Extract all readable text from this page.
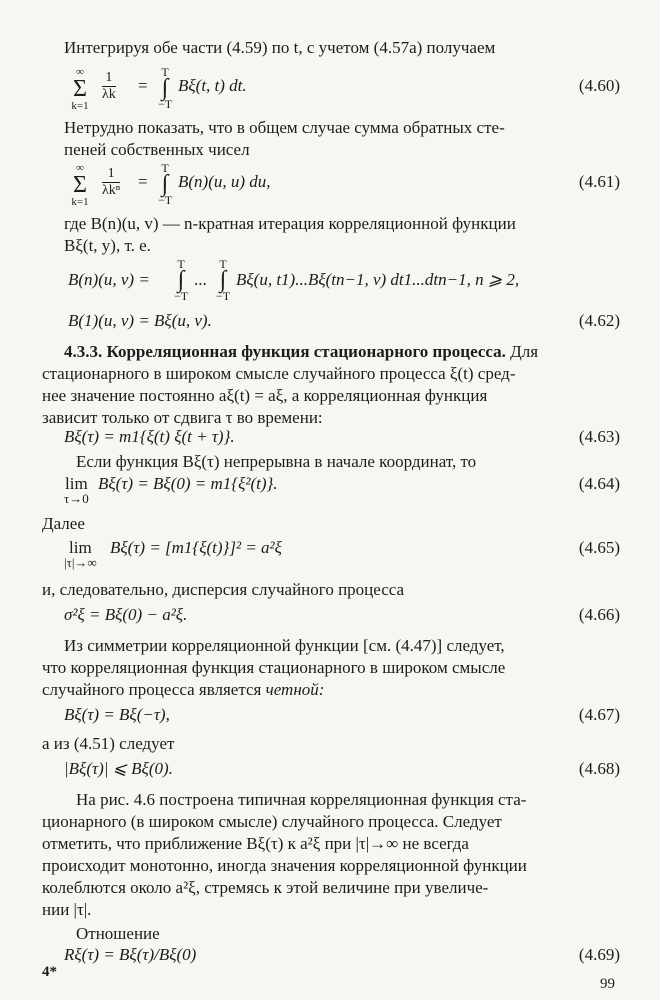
Интегрируя обе части (4.59) по t, с учетом (4.57а) получаем
∞
Σ
k=1
$\frac{1}{\lambda k}$ =
T
∫
−T
Bξ(t, t) dt.	(4.60)
Нетрудно показать, что в общем случае сумма обратных сте-
пеней собственных чисел
∞
Σ
k=1
$\frac{1}{\text{λkⁿ}}$ =
T
∫
−T
B(n)(u, u) du,	(4.61)
где B(n)(u, v) — n-кратная итерация корреляционной функции
Bξ(t, y), т. е.
B(n)(u, v) =
T
∫
−T
...
T
∫
−T
Bξ(u, t1)...Bξ(tn−1, v) dt1...dtn−1, n ⩾ 2,
B(1)(u, v) = Bξ(u, v).	(4.62)
4.3.3. Корреляционная функция стационарного процесса. Для
стационарного в широком смысле случайного процесса ξ(t) сред-
нее значение постоянно aξ(t) = aξ, а корреляционная функция
зависит только от сдвига τ во времени:
Bξ(τ) = m1{ξ(t) ξ(t + τ)}.	(4.63)
Если функция Bξ(τ) непрерывна в начале координат, то
lim
$^{\tau\to 0}$
Bξ(τ) = Bξ(0) = m1{ξ²(t)}.	(4.64)
Далее
lim
$^{|\tau|\to\infty}$
Bξ(τ) = [m1{ξ(t)}]² = a²ξ	(4.65)
и, следовательно, дисперсия случайного процесса
σ²ξ = Bξ(0) − a²ξ.	(4.66)
Из симметрии корреляционной функции [см. (4.47)] следует,
что корреляционная функция стационарного в широком смысле
случайного процесса является четной:
Bξ(τ) = Bξ(−τ),	(4.67)
а из (4.51) следует
|Bξ(τ)| ⩽ Bξ(0).	(4.68)
На рис. 4.6 построена типичная корреляционная функция ста-
ционарного (в широком смысле) случайного процесса. Следует
отметить, что приближение Bξ(τ) к a²ξ при |τ|→∞ не всегда
происходит монотонно, иногда значения корреляционной функции
колеблются около a²ξ, стремясь к этой величине при увеличе-
нии |τ|.
Отношение
Rξ(τ) = Bξ(τ)/Bξ(0)	(4.69)
4*
99
